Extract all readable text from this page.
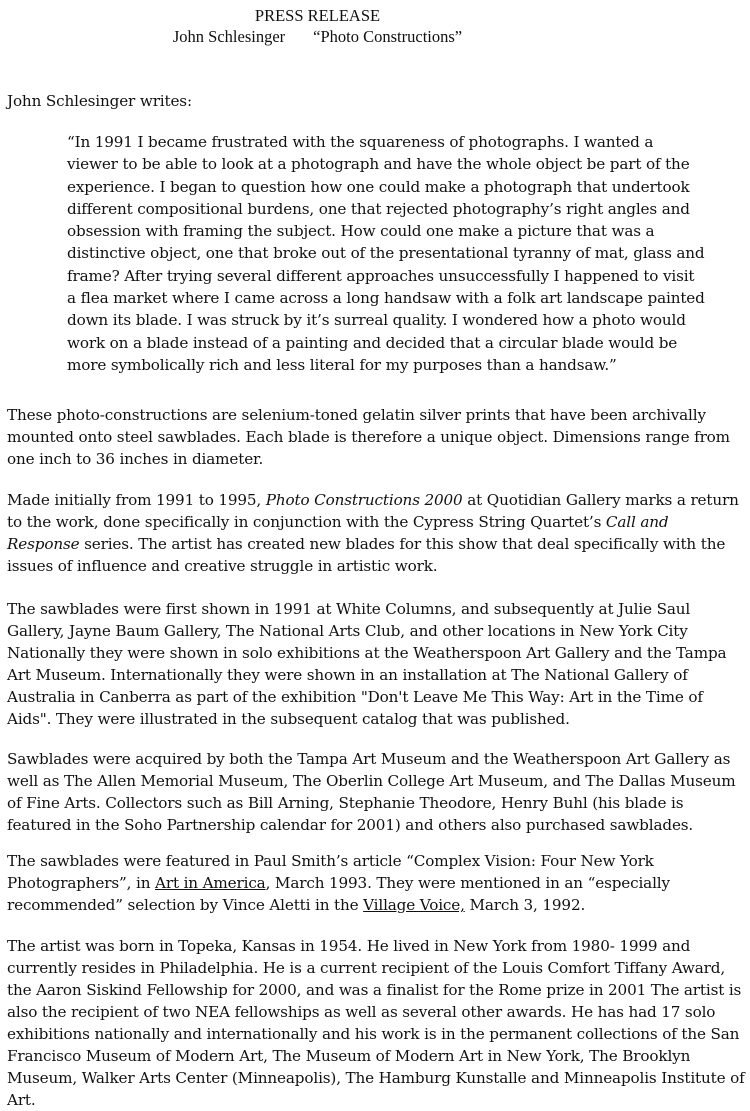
PRESS RELEASE
John Schlesinger “Photo Constructions”

John Schlesinger writes:

“In 1991 I became frustrated with the squareness of photographs. I wanted a viewer to be able to look at a photograph and have the whole object be part of the experience. I began to question how one could make a photograph that undertook different compositional burdens, one that rejected photography’s right angles and obsession with framing the subject. How could one make a picture that was a distinctive object, one that broke out of the presentational tyranny of mat, glass and frame? After trying several different approaches unsuccessfully I happened to visit a flea market where I came across a long handsaw with a folk art landscape painted down its blade. I was struck by it’s surreal quality. I wondered how a photo would work on a blade instead of a painting and decided that a circular blade would be more symbolically rich and less literal for my purposes than a handsaw.”

These photo-constructions are selenium-toned gelatin silver prints that have been archivally mounted onto steel sawblades. Each blade is therefore a unique object. Dimensions range from one inch to 36 inches in diameter.

Made initially from 1991 to 1995, Photo Constructions 2000 at Quotidian Gallery marks a return to the work, done specifically in conjunction with the Cypress String Quartet’s Call and Response series. The artist has created new blades for this show that deal specifically with the issues of influence and creative struggle in artistic work.

The sawblades were first shown in 1991 at White Columns, and subsequently at Julie Saul Gallery, Jayne Baum Gallery, The National Arts Club, and other locations in New York City Nationally they were shown in solo exhibitions at the Weatherspoon Art Gallery and the Tampa Art Museum. Internationally they were shown in an installation at The National Gallery of Australia in Canberra as part of the exhibition "Don't Leave Me This Way: Art in the Time of Aids". They were illustrated in the subsequent catalog that was published.

Sawblades were acquired by both the Tampa Art Museum and the Weatherspoon Art Gallery as well as The Allen Memorial Museum, The Oberlin College Art Museum, and The Dallas Museum of Fine Arts. Collectors such as Bill Arning, Stephanie Theodore, Henry Buhl (his blade is featured in the Soho Partnership calendar for 2001) and others also purchased sawblades.

The sawblades were featured in Paul Smith’s article “Complex Vision: Four New York Photographers”, in Art in America, March 1993. They were mentioned in an “especially recommended” selection by Vince Aletti in the Village Voice, March 3, 1992.

The artist was born in Topeka, Kansas in 1954. He lived in New York from 1980- 1999 and currently resides in Philadelphia. He is a current recipient of the Louis Comfort Tiffany Award, the Aaron Siskind Fellowship for 2000, and was a finalist for the Rome prize in 2001 The artist is also the recipient of two NEA fellowships as well as several other awards. He has had 17 solo exhibitions nationally and internationally and his work is in the permanent collections of the San Francisco Museum of Modern Art, The Museum of Modern Art in New York, The Brooklyn Museum, Walker Arts Center (Minneapolis), The Hamburg Kunstalle and Minneapolis Institute of Art.
